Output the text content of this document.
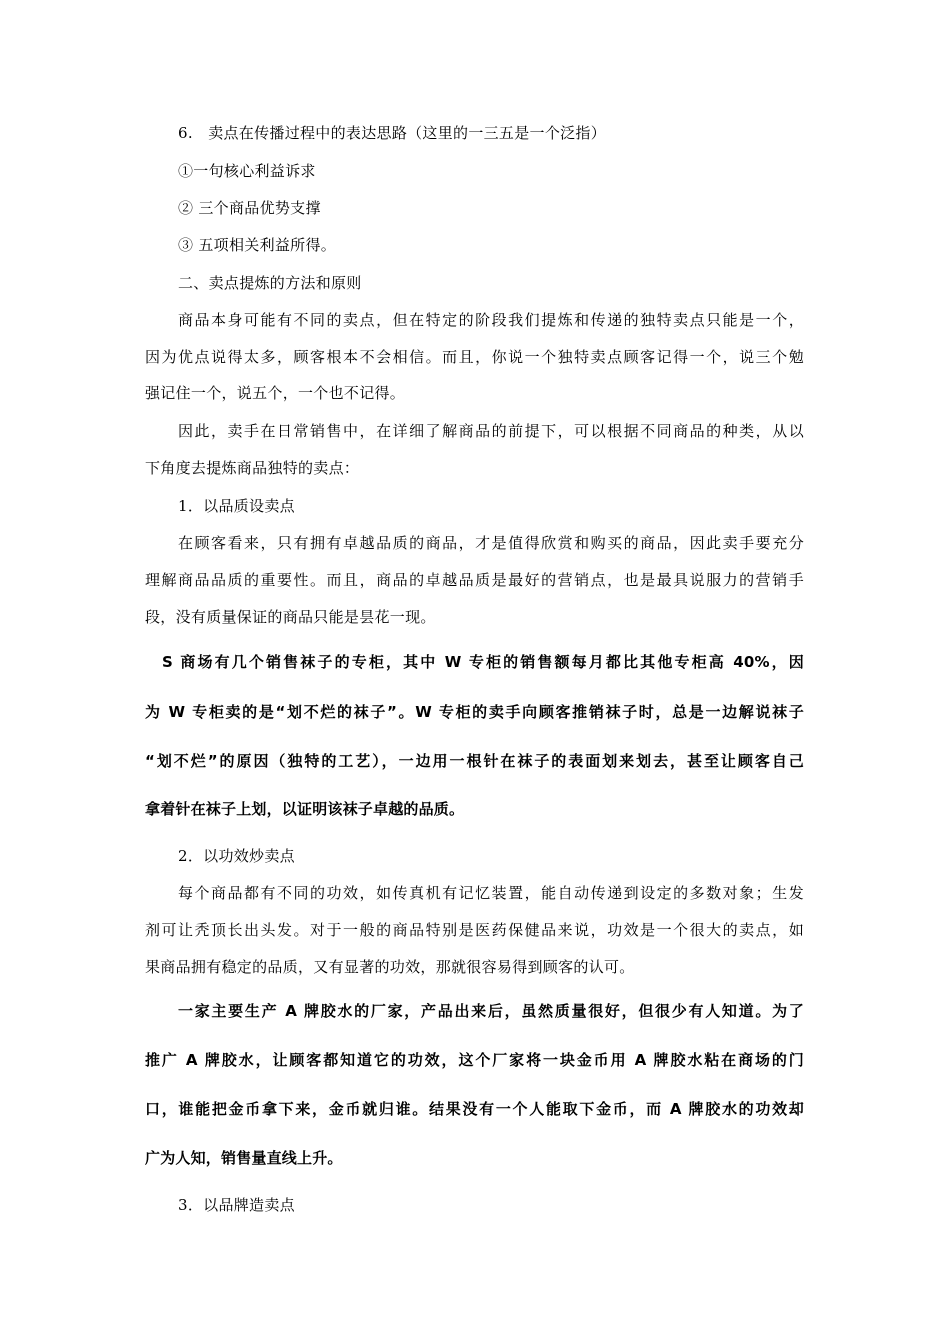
6.　卖点在传播过程中的表达思路（这里的一三五是一个泛指）
①一句核心利益诉求
② 三个商品优势支撑
③ 五项相关利益所得。
二、卖点提炼的方法和原则
商品本身可能有不同的卖点，但在特定的阶段我们提炼和传递的独特卖点只能是一个，
因为优点说得太多，顾客根本不会相信。而且，你说一个独特卖点顾客记得一个，说三个勉
强记住一个，说五个，一个也不记得。
因此，卖手在日常销售中，在详细了解商品的前提下，可以根据不同商品的种类，从以
下角度去提炼商品独特的卖点：
1．以品质设卖点
在顾客看来，只有拥有卓越品质的商品，才是值得欣赏和购买的商品，因此卖手要充分
理解商品品质的重要性。而且，商品的卓越品质是最好的营销点，也是最具说服力的营销手
段，没有质量保证的商品只能是昙花一现。
S 商场有几个销售袜子的专柜，其中 W 专柜的销售额每月都比其他专柜高 40%，因
为 W 专柜卖的是“划不烂的袜子”。W 专柜的卖手向顾客推销袜子时，总是一边解说袜子
“划不烂”的原因（独特的工艺），一边用一根针在袜子的表面划来划去，甚至让顾客自己
拿着针在袜子上划，以证明该袜子卓越的品质。
2．以功效炒卖点
每个商品都有不同的功效，如传真机有记忆装置，能自动传递到设定的多数对象；生发
剂可让秃顶长出头发。对于一般的商品特别是医药保健品来说，功效是一个很大的卖点，如
果商品拥有稳定的品质，又有显著的功效，那就很容易得到顾客的认可。
一家主要生产 A 牌胶水的厂家，产品出来后，虽然质量很好，但很少有人知道。为了
推广 A 牌胶水，让顾客都知道它的功效，这个厂家将一块金币用 A 牌胶水粘在商场的门
口，谁能把金币拿下来，金币就归谁。结果没有一个人能取下金币，而 A 牌胶水的功效却
广为人知，销售量直线上升。
3．以品牌造卖点
